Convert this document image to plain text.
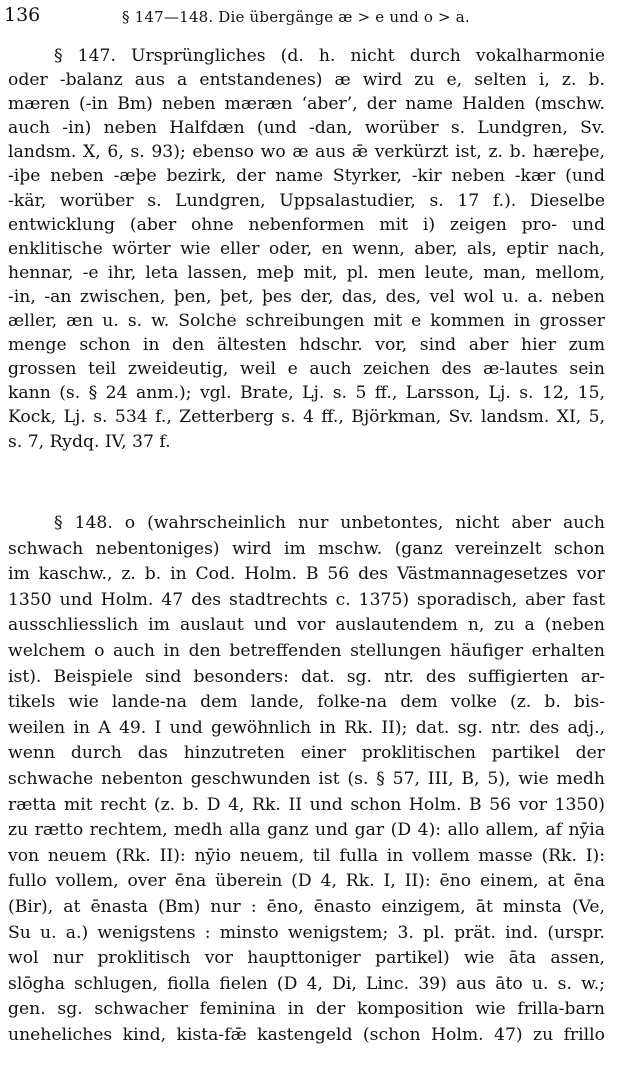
136	§ 147—148. Die übergänge æ > e und o > a.
§ 147. Ursprüngliches (d. h. nicht durch vokalharmonie
oder -balanz aus a entstandenes) æ wird zu e, selten i, z. b.
mæren (-in Bm) neben mæræn ‘aber’, der name Halden (mschw.
auch -in) neben Halfdæn (und -dan, worüber s. Lundgren, Sv.
landsm. X, 6, s. 93); ebenso wo æ aus ǣ verkürzt ist, z. b. hæreþe,
-iþe neben -æþe bezirk, der name Styrker, -kir neben -kær (und
-kär, worüber s. Lundgren, Uppsalastudier, s. 17 f.). Dieselbe
entwicklung (aber ohne nebenformen mit i) zeigen pro- und
enklitische wörter wie eller oder, en wenn, aber, als, eptir nach,
hennar, -e ihr, leta lassen, meþ mit, pl. men leute, man, mellom,
-in, -an zwischen, þen, þet, þes der, das, des, vel wol u. a. neben
æller, æn u. s. w. Solche schreibungen mit e kommen in grosser
menge schon in den ältesten hdschr. vor, sind aber hier zum
grossen teil zweideutig, weil e auch zeichen des æ-lautes sein
kann (s. § 24 anm.); vgl. Brate, Lj. s. 5 ff., Larsson, Lj. s. 12, 15,
Kock, Lj. s. 534 f., Zetterberg s. 4 ff., Björkman, Sv. landsm. XI, 5,
s. 7, Rydq. IV, 37 f.
§ 148. o (wahrscheinlich nur unbetontes, nicht aber auch
schwach nebentoniges) wird im mschw. (ganz vereinzelt schon
im kaschw., z. b. in Cod. Holm. B 56 des Västmannagesetzes vor
1350 und Holm. 47 des stadtrechts c. 1375) sporadisch, aber fast
ausschliesslich im auslaut und vor auslautendem n, zu a (neben
welchem o auch in den betreffenden stellungen häufiger erhalten
ist). Beispiele sind besonders: dat. sg. ntr. des suffigierten ar-
tikels wie lande-na dem lande, folke-na dem volke (z. b. bis-
weilen in A 49. I und gewöhnlich in Rk. II); dat. sg. ntr. des adj.,
wenn durch das hinzutreten einer proklitischen partikel der
schwache nebenton geschwunden ist (s. § 57, III, B, 5), wie medh
rætta mit recht (z. b. D 4, Rk. II und schon Holm. B 56 vor 1350)
zu rætto rechtem, medh alla ganz und gar (D 4): allo allem, af nȳia
von neuem (Rk. II): nȳio neuem, til fulla in vollem masse (Rk. I):
fullo vollem, over ēna überein (D 4, Rk. I, II): ēno einem, at ēna
(Bir), at ēnasta (Bm) nur : ēno, ēnasto einzigem, āt minsta (Ve,
Su u. a.) wenigstens : minsto wenigstem; 3. pl. prät. ind. (urspr.
wol nur proklitisch vor haupttoniger partikel) wie āta assen,
slōgha schlugen, fiolla fielen (D 4, Di, Linc. 39) aus āto u. s. w.;
gen. sg. schwacher feminina in der komposition wie frilla-barn
uneheliches kind, kista-fǣ kastengeld (schon Holm. 47) zu frillo
